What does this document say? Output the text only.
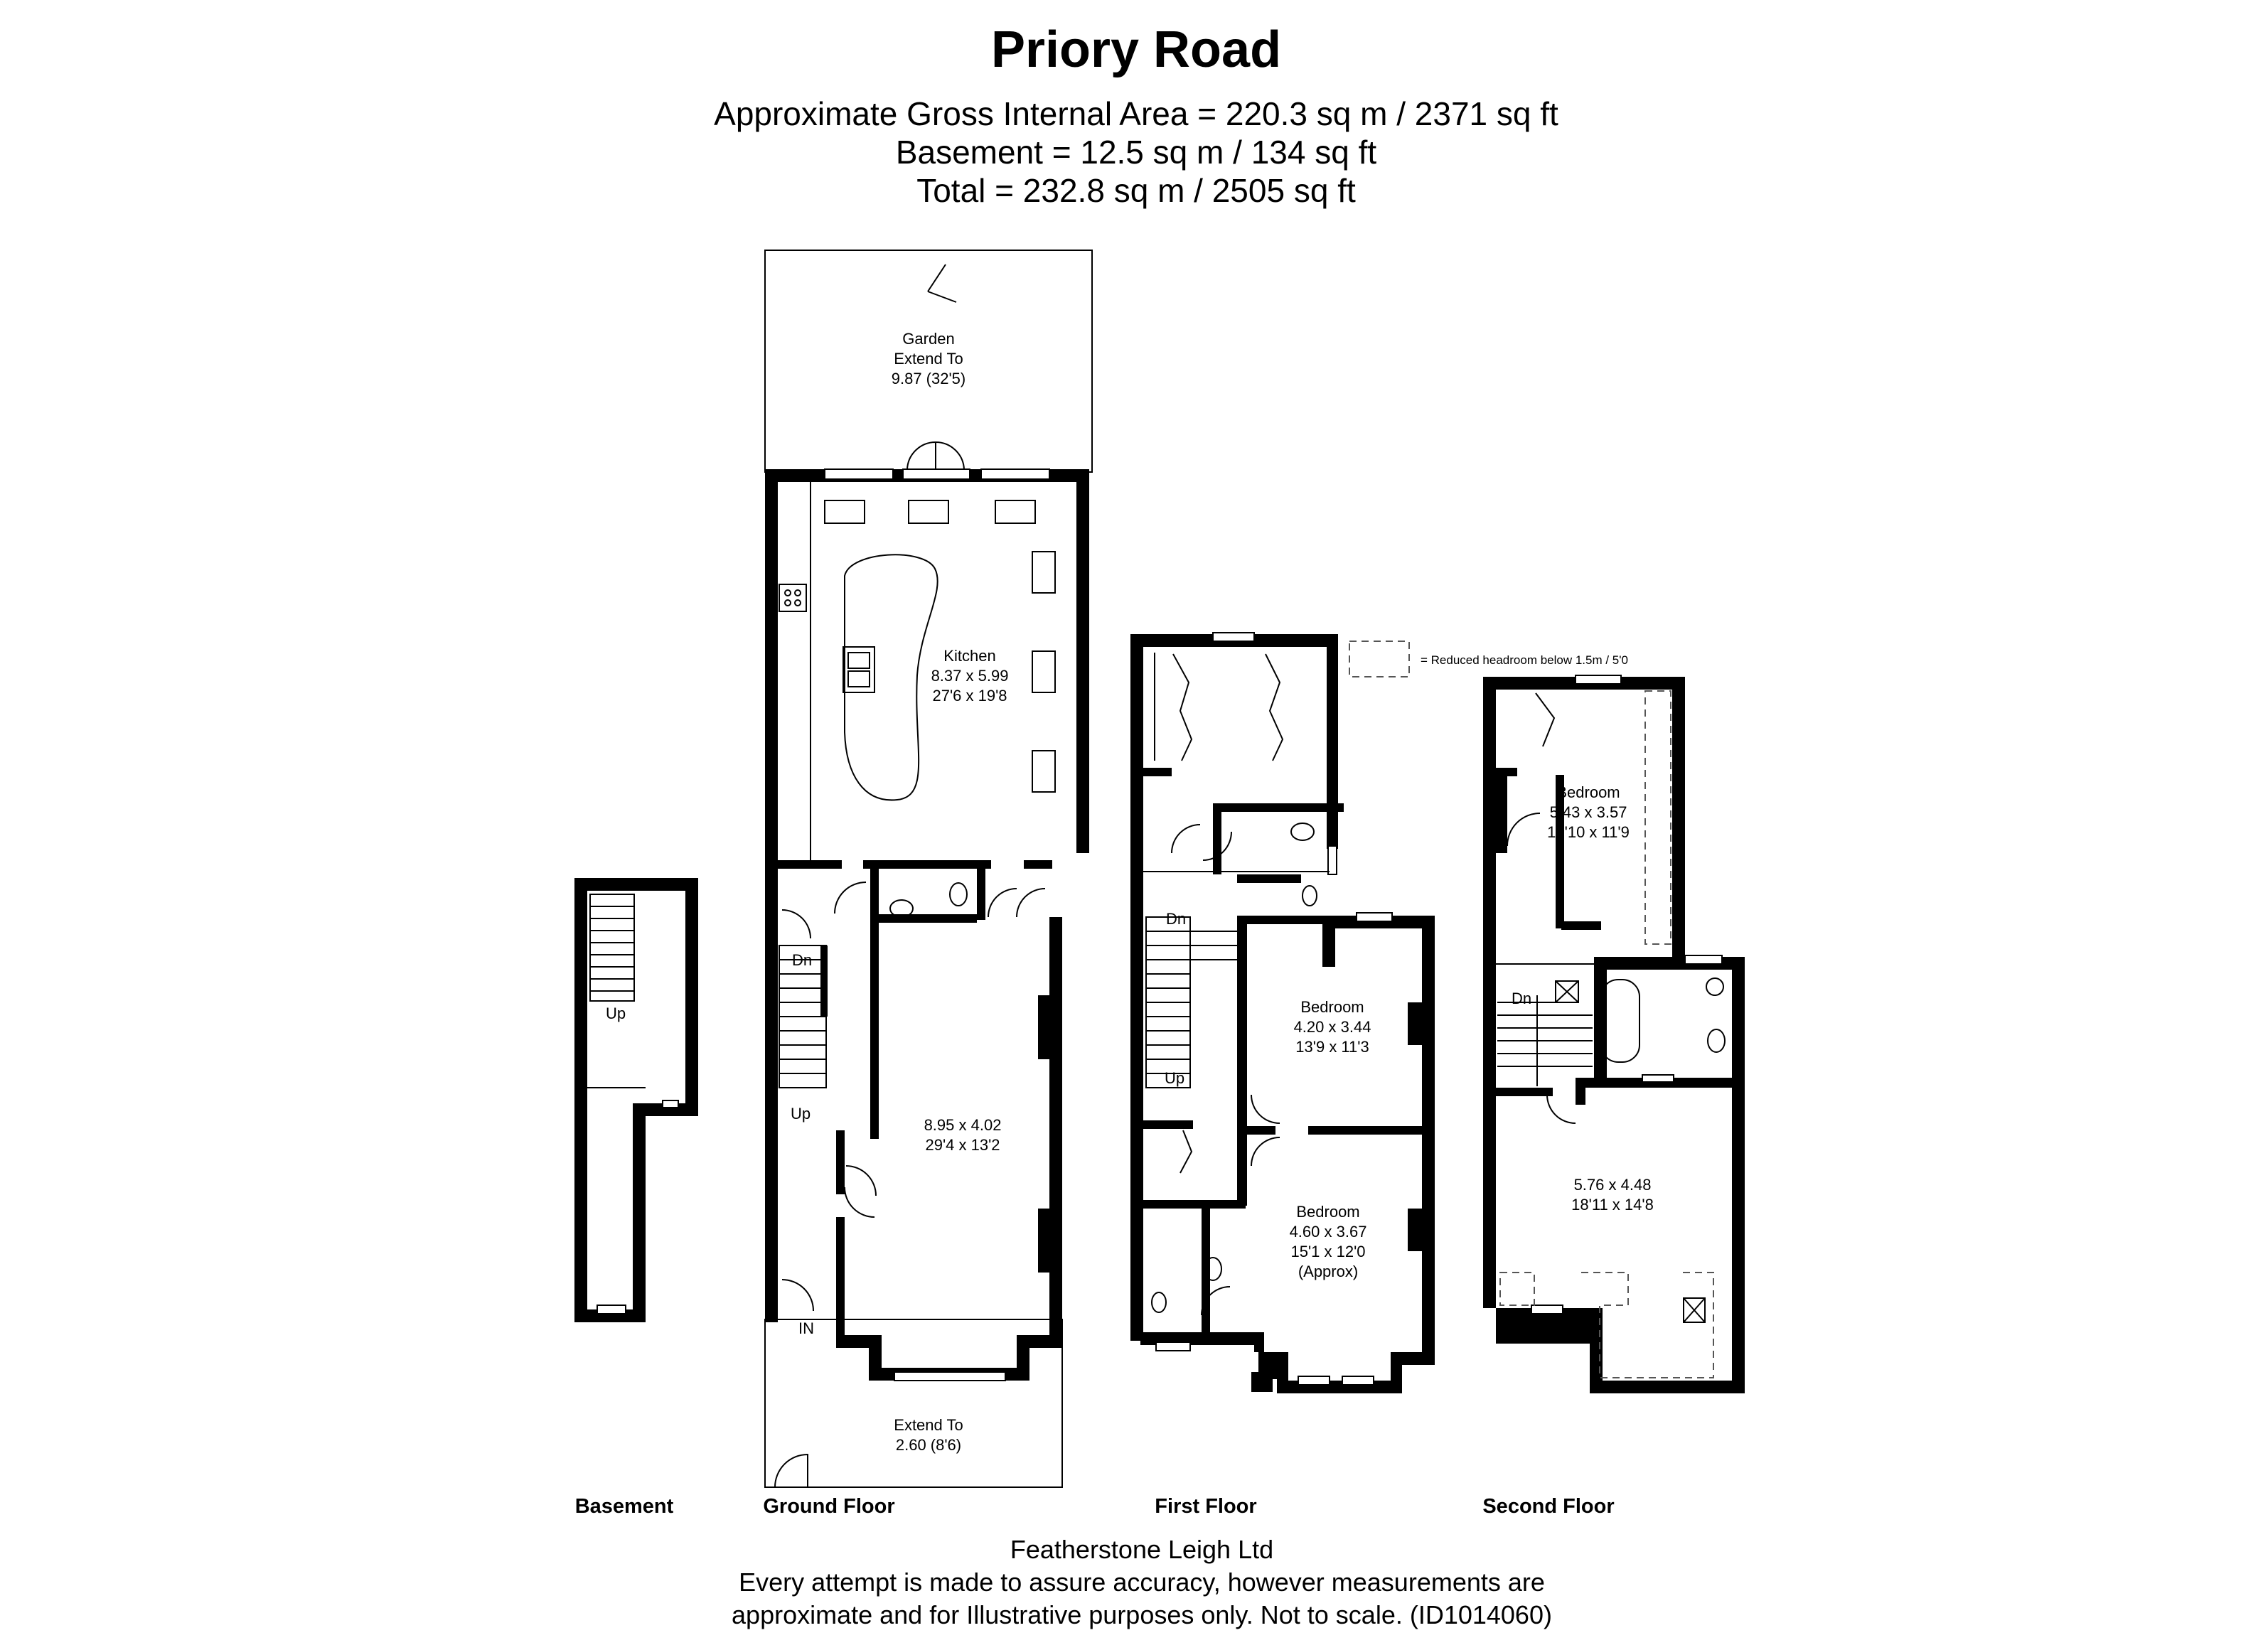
Priory Road
Approximate Gross Internal Area = 220.3 sq m / 2371 sq ft
Basement = 12.5 sq m / 134 sq ft
Total = 232.8 sq m / 2505 sq ft
= Reduced headroom below 1.5m / 5'0
Up
Basement
Garden
Extend To
9.87 (32'5)
Kitchen
8.37 x 5.99
27'6 x 19'8
8.95 x 4.02
29'4 x 13'2
Extend To
2.60 (8'6)
Dn
Up
IN
Ground Floor
Bedroom
4.20 x 3.44
13'9 x 11'3
Bedroom
4.60 x 3.67
15'1 x 12'0
(Approx)
Dn
Up
First Floor
Bedroom
5.43 x 3.57
17'10 x 11'9
5.76 x 4.48
18'11 x 14'8
Dn
Second Floor
Featherstone Leigh Ltd
Every attempt is made to assure accuracy, however measurements are
approximate and for Illustrative purposes only. Not to scale. (ID1014060)
